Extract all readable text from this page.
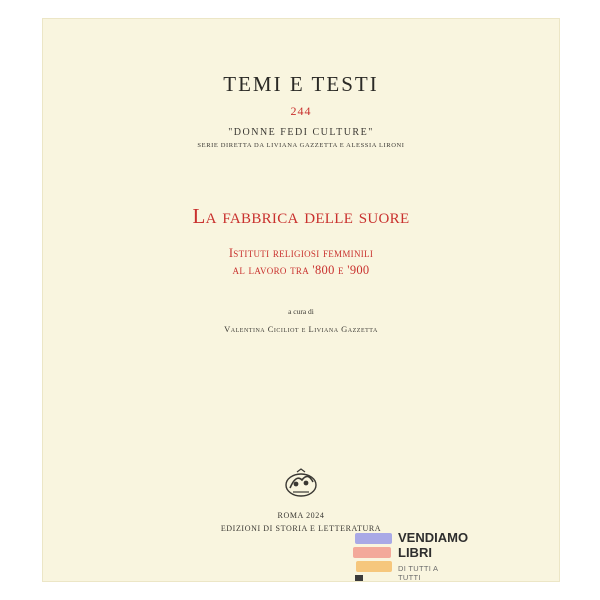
TEMI E TESTI
244
"DONNE FEDI CULTURE"
SERIE DIRETTA DA LIVIANA GAZZETTA E ALESSIA LIRONI
La fabbrica delle suore
Istituti religiosi femminili
al lavoro tra '800 e '900
a cura di
Valentina Ciciliot e Liviana Gazzetta
ROMA 2024
EDIZIONI DI STORIA E LETTERATURA
VENDIAMO
LIBRI
DI TUTTI A TUTTI
